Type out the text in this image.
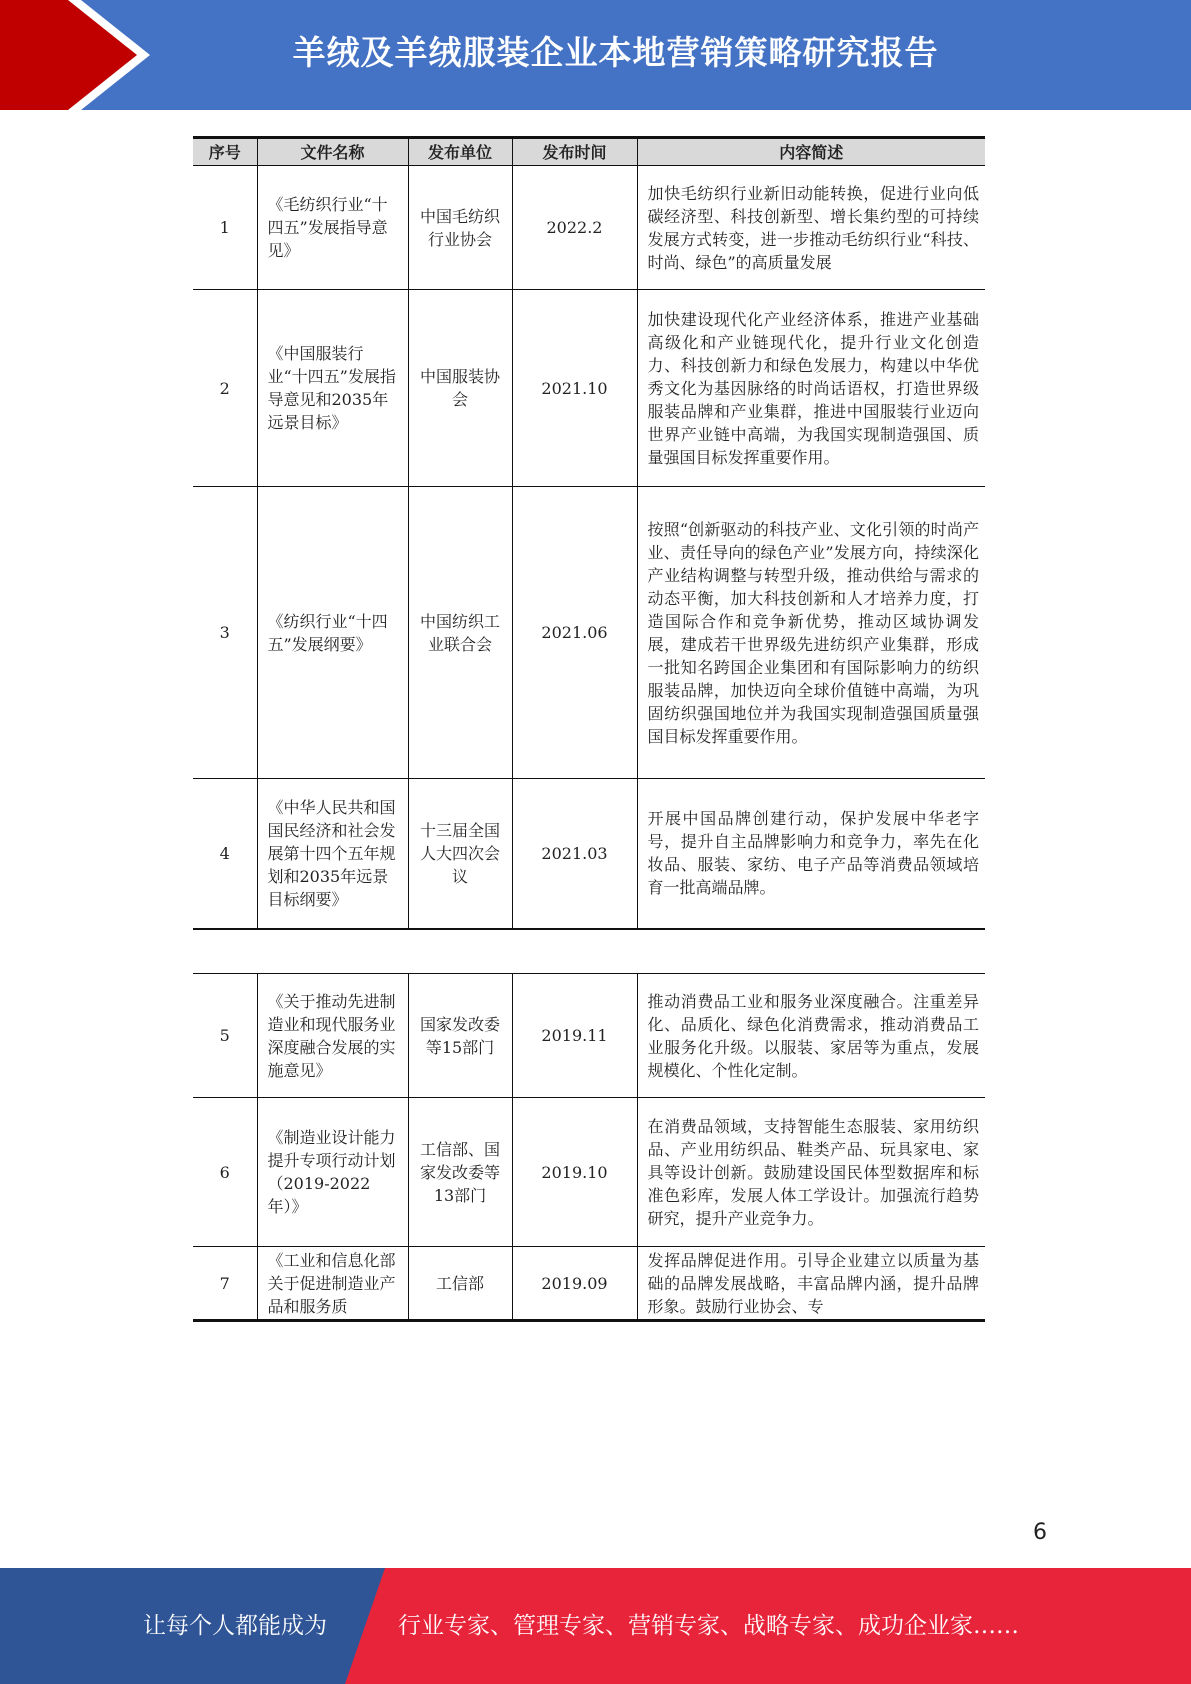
羊绒及羊绒服装企业本地营销策略研究报告
序号	文件名称	发布单位	发布时间	内容简述
1	《毛纺织行业“十四五”发展指导意见》	中国毛纺织行业协会	2022.2	加快毛纺织行业新旧动能转换，促进行业向低碳经济型、科技创新型、增长集约型的可持续发展方式转变，进一步推动毛纺织行业“科技、时尚、绿色”的高质量发展
2	《中国服装行业“十四五”发展指导意见和2035年远景目标》	中国服装协会	2021.10	加快建设现代化产业经济体系，推进产业基础高级化和产业链现代化，提升行业文化创造力、科技创新力和绿色发展力，构建以中华优秀文化为基因脉络的时尚话语权，打造世界级服装品牌和产业集群，推进中国服装行业迈向世界产业链中高端，为我国实现制造强国、质量强国目标发挥重要作用。
3	《纺织行业“十四五”发展纲要》	中国纺织工业联合会	2021.06	按照“创新驱动的科技产业、文化引领的时尚产业、责任导向的绿色产业”发展方向，持续深化产业结构调整与转型升级，推动供给与需求的动态平衡，加大科技创新和人才培养力度，打造国际合作和竞争新优势，推动区域协调发展，建成若干世界级先进纺织产业集群，形成一批知名跨国企业集团和有国际影响力的纺织服装品牌，加快迈向全球价值链中高端，为巩固纺织强国地位并为我国实现制造强国质量强国目标发挥重要作用。
4	《中华人民共和国国民经济和社会发展第十四个五年规划和2035年远景目标纲要》	十三届全国人大四次会议	2021.03	开展中国品牌创建行动，保护发展中华老字号，提升自主品牌影响力和竞争力，率先在化妆品、服装、家纺、电子产品等消费品领域培育一批高端品牌。
5	《关于推动先进制造业和现代服务业深度融合发展的实施意见》	国家发改委等15部门	2019.11	推动消费品工业和服务业深度融合。注重差异化、品质化、绿色化消费需求，推动消费品工业服务化升级。以服装、家居等为重点，发展规模化、个性化定制。
6	《制造业设计能力提升专项行动计划（2019-2022年）》	工信部、国家发改委等13部门	2019.10	在消费品领域，支持智能生态服装、家用纺织品、产业用纺织品、鞋类产品、玩具家电、家具等设计创新。鼓励建设国民体型数据库和标准色彩库，发展人体工学设计。加强流行趋势研究，提升产业竞争力。
7	《工业和信息化部关于促进制造业产品和服务质	工信部	2019.09	发挥品牌促进作用。引导企业建立以质量为基础的品牌发展战略，丰富品牌内涵，提升品牌形象。鼓励行业协会、专
6
让每个人都能成为	行业专家、管理专家、营销专家、战略专家、成功企业家……
